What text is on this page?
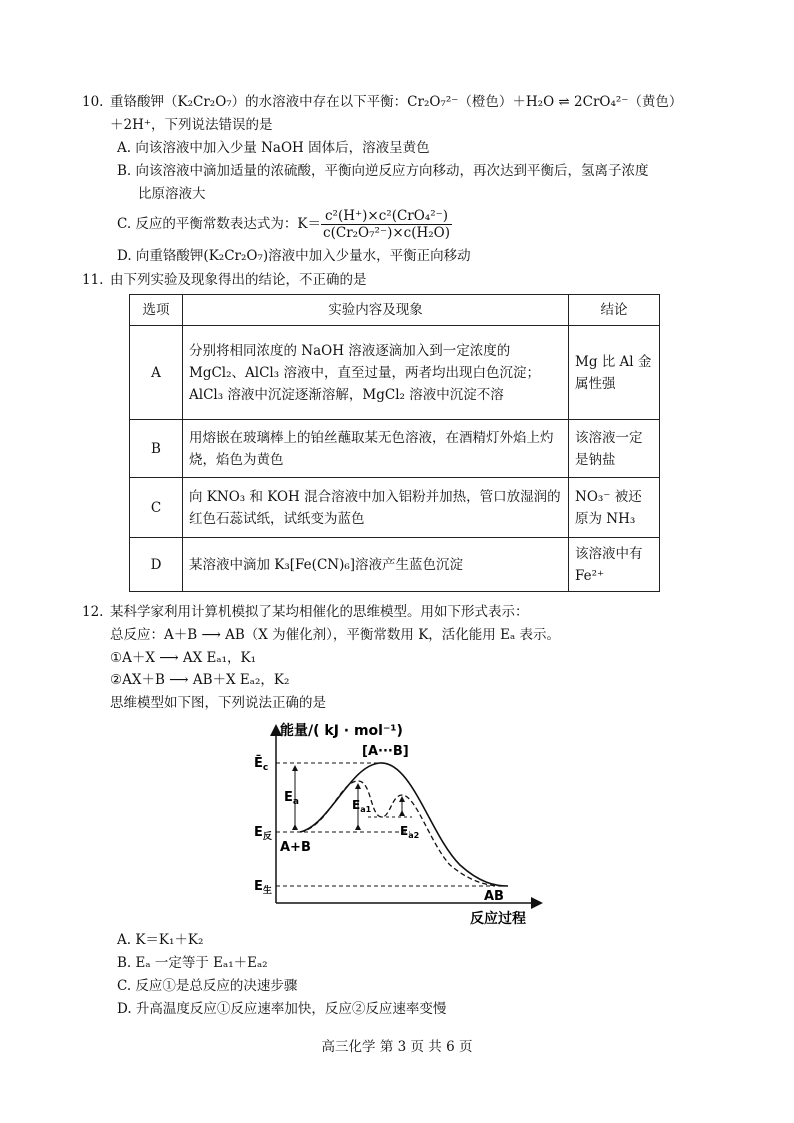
10. 重铬酸钾（K₂Cr₂O₇）的水溶液中存在以下平衡：Cr₂O₇²⁻（橙色）＋H₂O ⇌ 2CrO₄²⁻（黄色）
＋2H⁺，下列说法错误的是
A. 向该溶液中加入少量 NaOH 固体后，溶液呈黄色
B. 向该溶液中滴加适量的浓硫酸，平衡向逆反应方向移动，再次达到平衡后，氢离子浓度
比原溶液大
C. 反应的平衡常数表达式为：$K= \frac{\text{c²(H⁺)×c²(CrO₄²⁻)}}{\text{c(Cr₂O₇²⁻)×c(H₂O)}}$
D. 向重铬酸钾(K₂Cr₂O₇)溶液中加入少量水，平衡正向移动
11. 由下列实验及现象得出的结论，不正确的是
选项	实验内容及现象	结论
A	分别将相同浓度的 NaOH 溶液逐滴加入到一定浓度的 MgCl₂、AlCl₃ 溶液中，直至过量，两者均出现白色沉淀；AlCl₃ 溶液中沉淀逐渐溶解，MgCl₂ 溶液中沉淀不溶	Mg 比 Al 金属性强
B	用熔嵌在玻璃棒上的铂丝蘸取某无色溶液，在酒精灯外焰上灼烧，焰色为黄色	该溶液一定是钠盐
C	向 KNO₃ 和 KOH 混合溶液中加入铝粉并加热，管口放湿润的红色石蕊试纸，试纸变为蓝色	NO₃⁻ 被还原为 NH₃
D	某溶液中滴加 K₃[Fe(CN)₆]溶液产生蓝色沉淀	该溶液中有 Fe²⁺
12. 某科学家利用计算机模拟了某均相催化的思维模型。用如下形式表示：
总反应：A＋B ⟶ AB（X 为催化剂），平衡常数用 K，活化能用 Eₐ 表示。
①A＋X ⟶ AX Eₐ₁，K₁
②AX＋B ⟶ AB＋X Eₐ₂，K₂
思维模型如下图，下列说法正确的是
能量/( kJ · mol⁻¹)
反应过程
$Ē_c$
$E_a$	$E_{a1}$
$E_{a2}$
$E_反$
$E_生$
[A···B]
A+B
AB
A. K＝K₁＋K₂
B. Eₐ 一定等于 Eₐ₁＋Eₐ₂
C. 反应①是总反应的决速步骤
D. 升高温度反应①反应速率加快，反应②反应速率变慢
高三化学 第 3 页 共 6 页
